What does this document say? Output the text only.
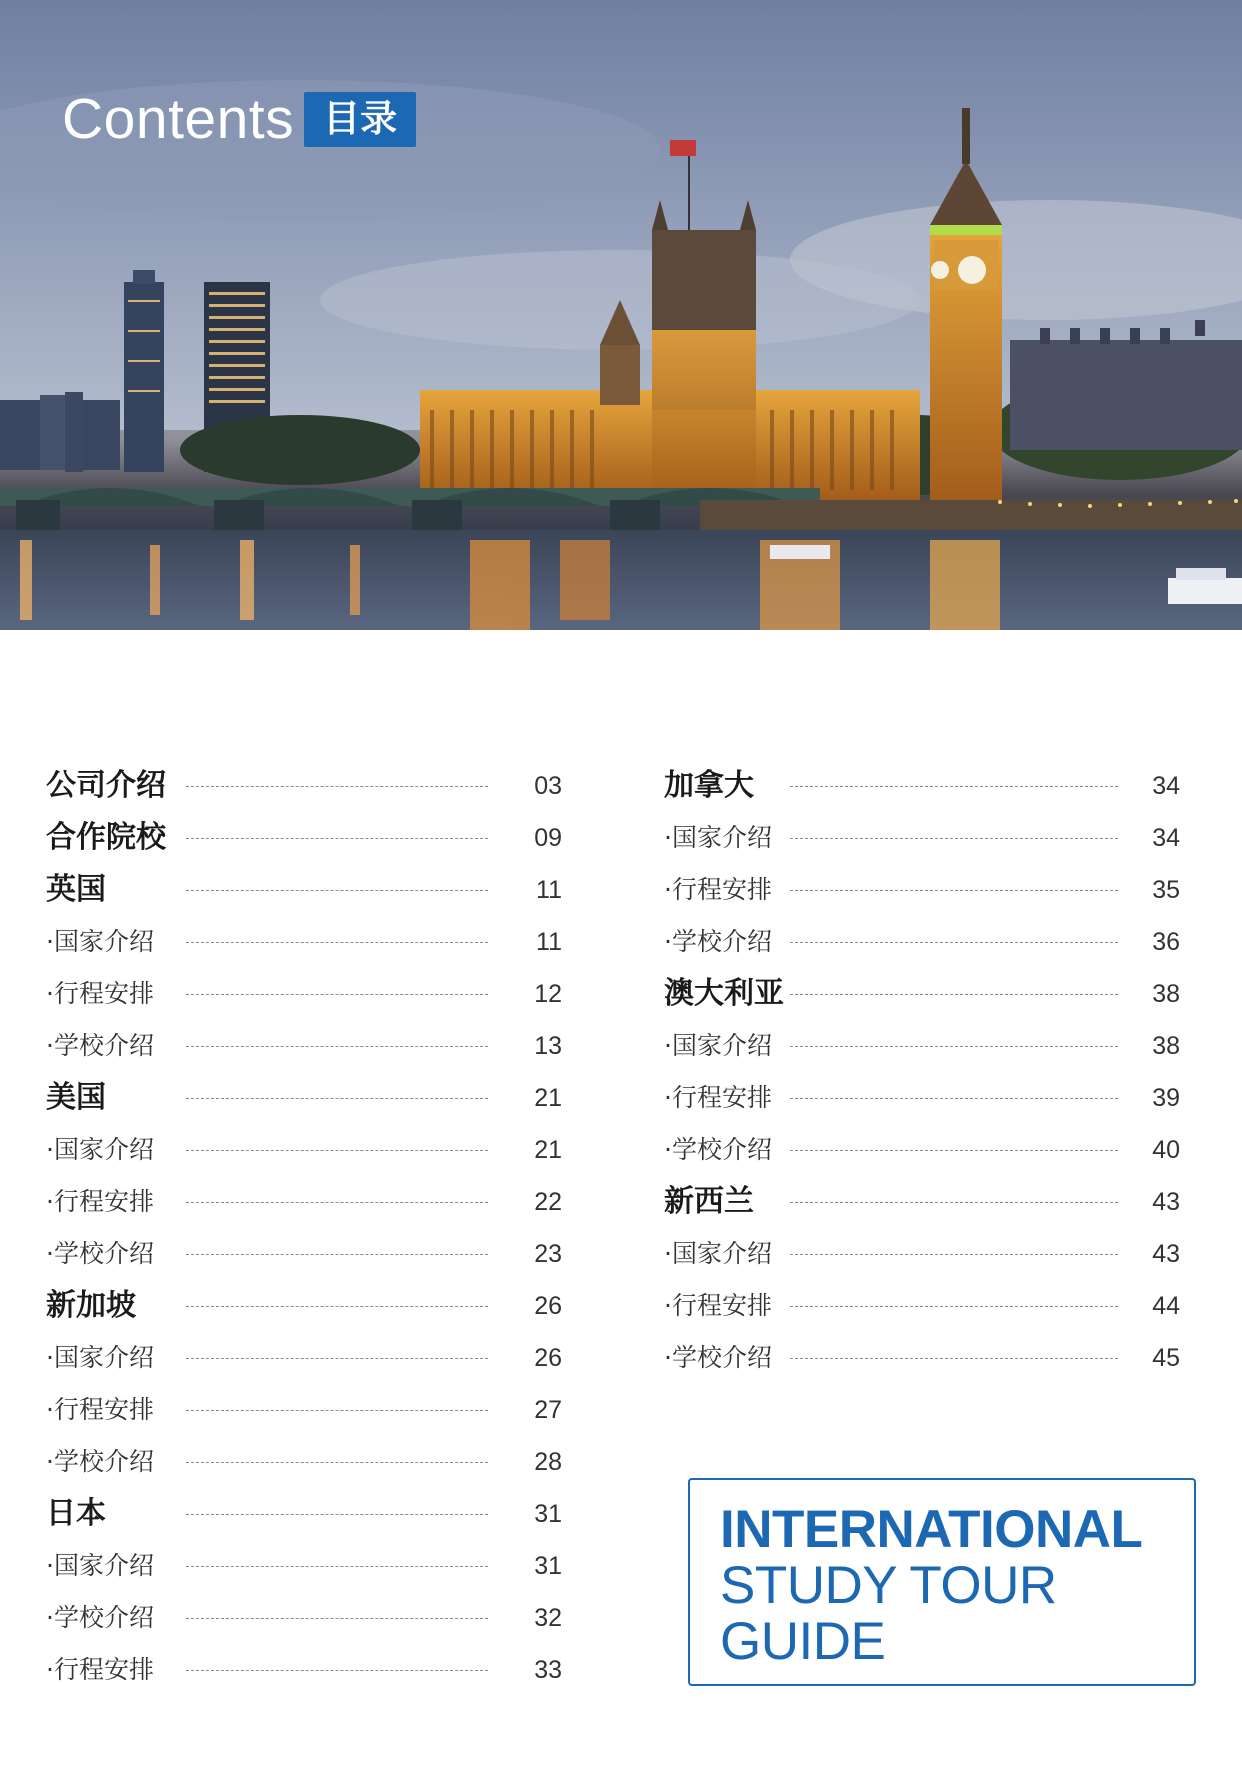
Contents 目录
公司介绍	03
合作院校	09
英国	11
·国家介绍	11
·行程安排	12
·学校介绍	13
美国	21
·国家介绍	21
·行程安排	22
·学校介绍	23
新加坡	26
·国家介绍	26
·行程安排	27
·学校介绍	28
日本	31
·国家介绍	31
·学校介绍	32
·行程安排	33
加拿大	34
·国家介绍	34
·行程安排	35
·学校介绍	36
澳大利亚	38
·国家介绍	38
·行程安排	39
·学校介绍	40
新西兰	43
·国家介绍	43
·行程安排	44
·学校介绍	45
INTERNATIONAL
STUDY TOUR
GUIDE
